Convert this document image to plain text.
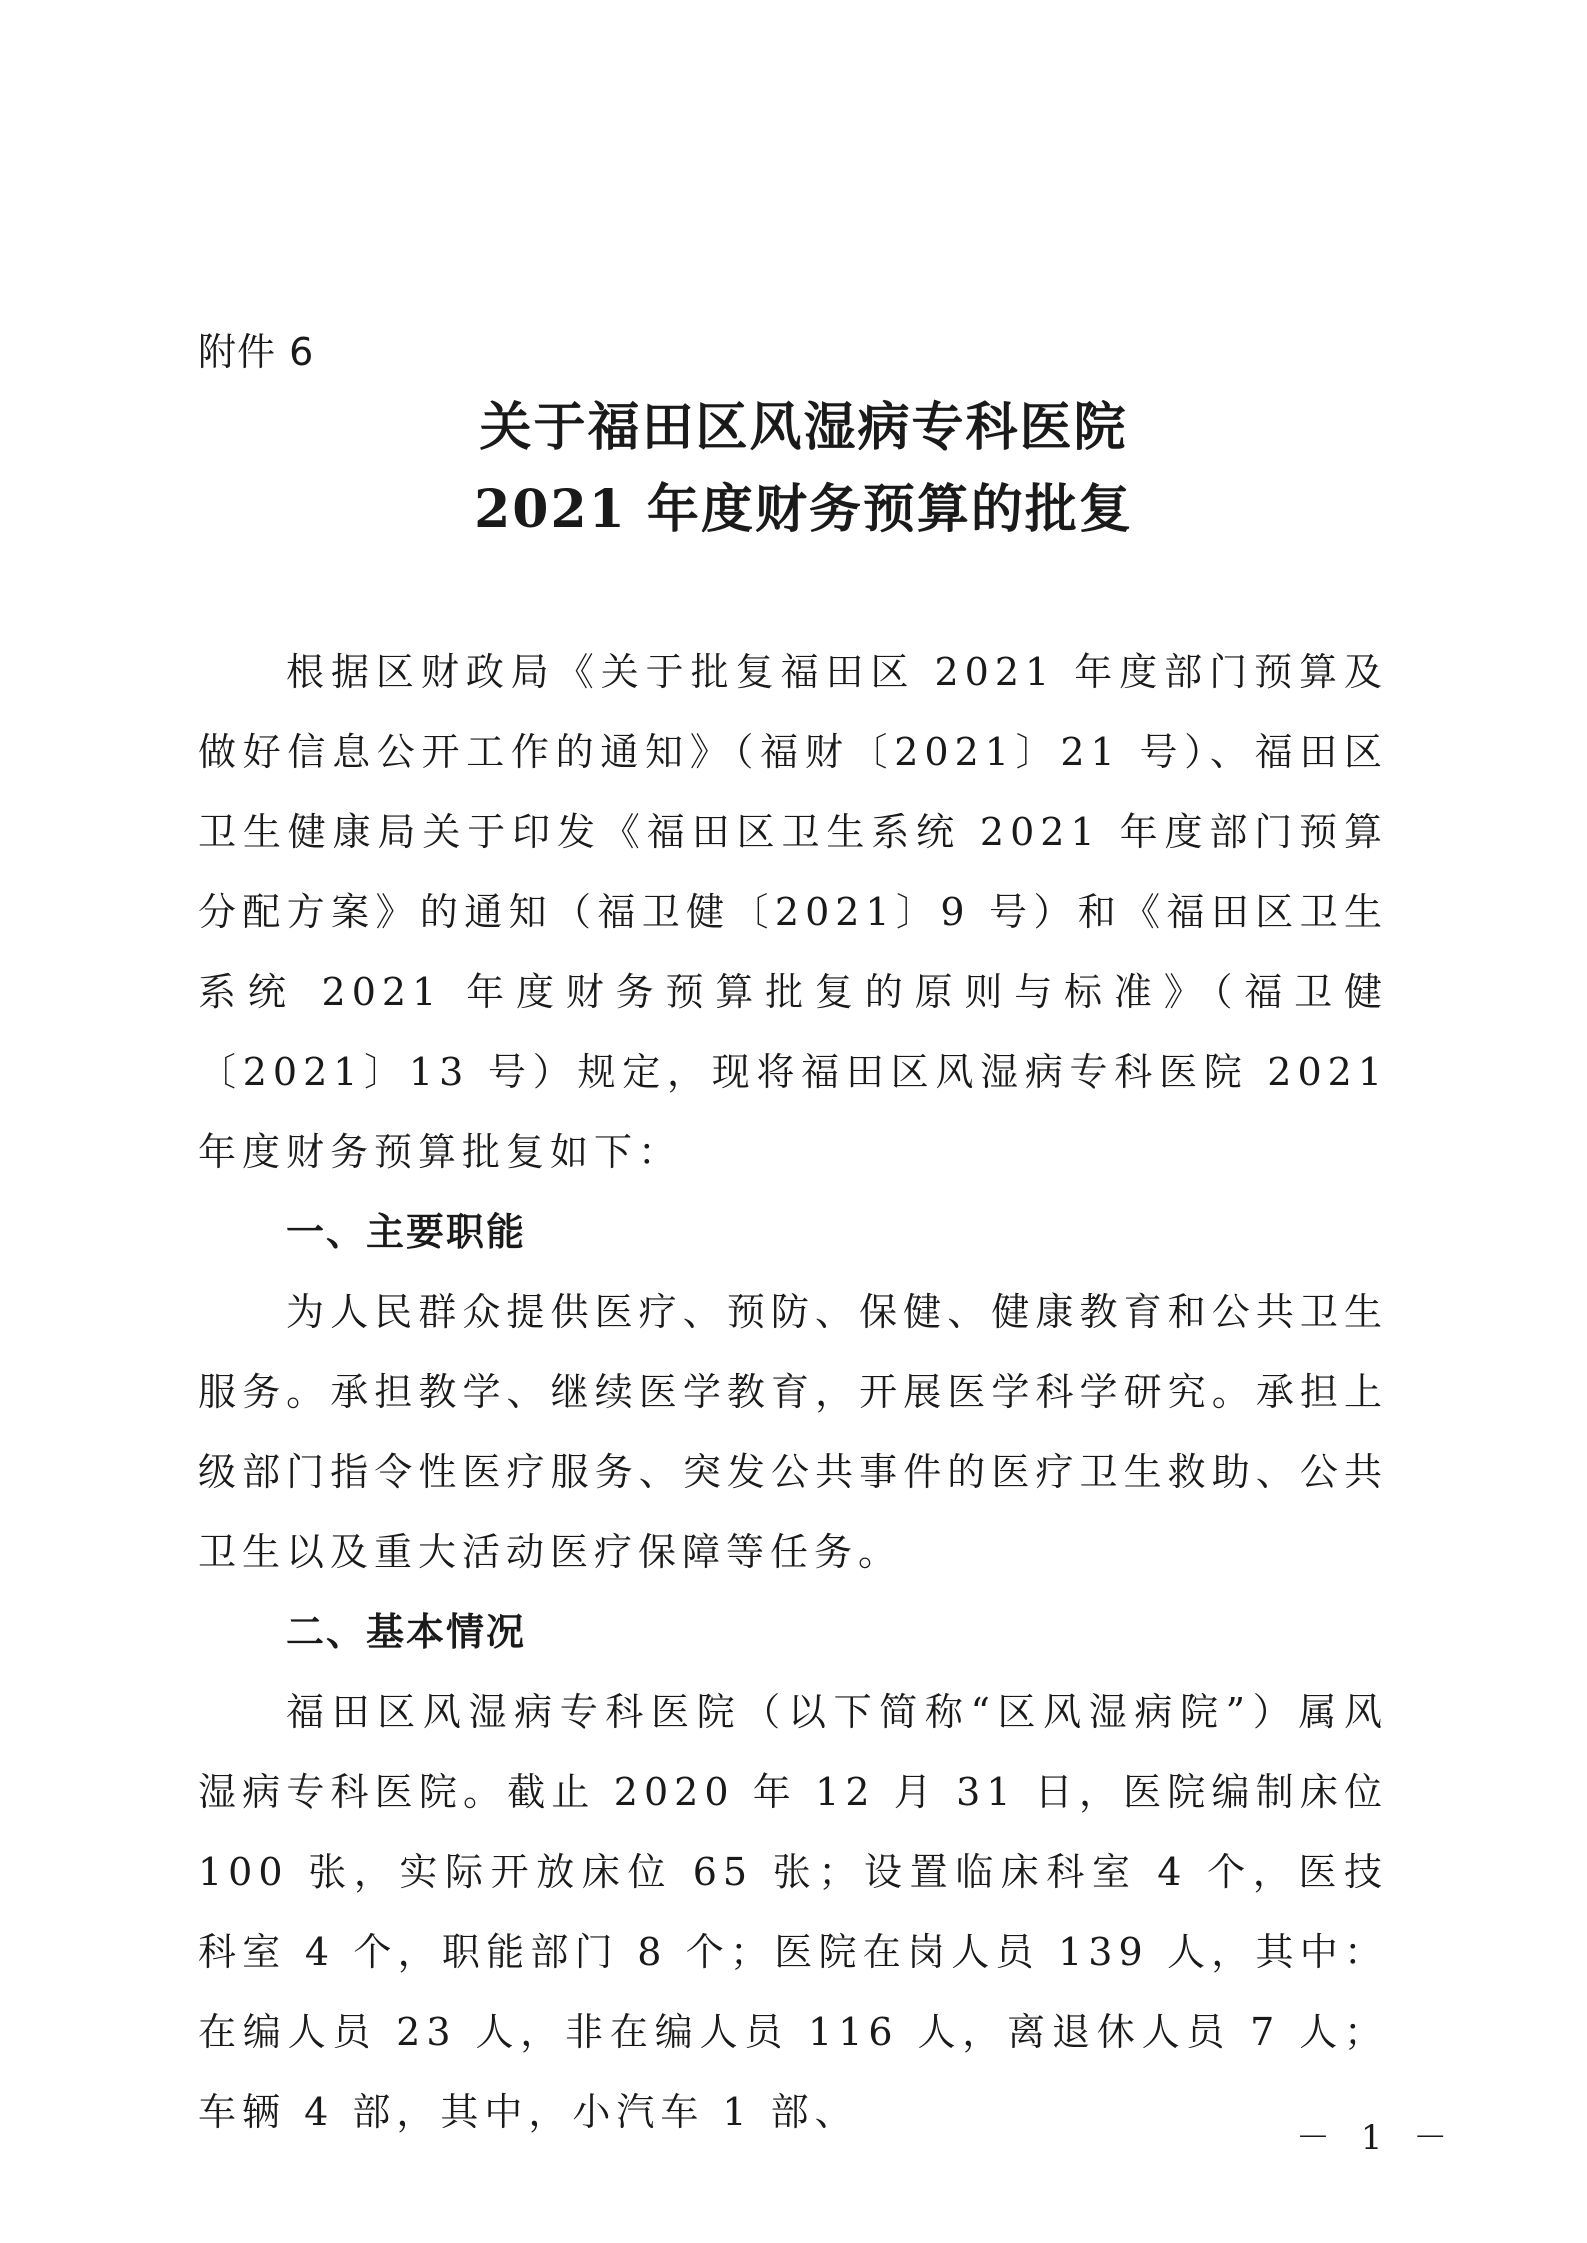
附件 6
关于福田区风湿病专科医院
2021 年度财务预算的批复

根据区财政局《关于批复福田区 2021 年度部门预算及做好信息公开工作的通知》（福财〔2021〕21 号）、福田区卫生健康局关于印发《福田区卫生系统 2021 年度部门预算分配方案》的通知（福卫健〔2021〕9 号）和《福田区卫生系统 2021 年度财务预算批复的原则与标准》（福卫健〔2021〕13 号）规定，现将福田区风湿病专科医院 2021 年度财务预算批复如下：

一、主要职能

为人民群众提供医疗、预防、保健、健康教育和公共卫生服务。承担教学、继续医学教育，开展医学科学研究。承担上级部门指令性医疗服务、突发公共事件的医疗卫生救助、公共卫生以及重大活动医疗保障等任务。

二、基本情况

福田区风湿病专科医院（以下简称“区风湿病院”）属风湿病专科医院。截止 2020 年 12 月 31 日，医院编制床位 100 张，实际开放床位 65 张；设置临床科室 4 个，医技科室 4 个，职能部门 8 个；医院在岗人员 139 人，其中：在编人员 23 人，非在编人员 116 人，离退休人员 7 人；车辆 4 部，其中，小汽车 1 部、

－ 1 －
